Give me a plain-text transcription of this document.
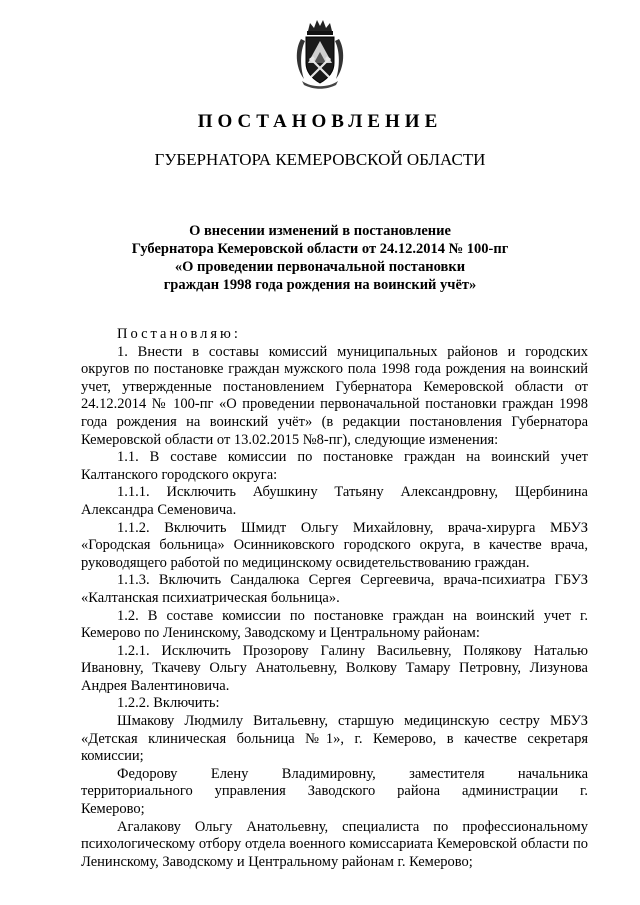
ПОСТАНОВЛЕНИЕ
ГУБЕРНАТОРА КЕМЕРОВСКОЙ ОБЛАСТИ
О внесении изменений в постановление
Губернатора Кемеровской области от 24.12.2014 № 100-пг
«О проведении первоначальной постановки
граждан 1998 года рождения на воинский учёт»

Постановляю:

1. Внести в составы комиссий муниципальных районов и городских округов по постановке граждан мужского пола 1998 года рождения на воинский учет, утвержденные постановлением Губернатора Кемеровской области от 24.12.2014 № 100-пг «О проведении первоначальной постановки граждан 1998 года рождения на воинский учёт» (в редакции постановления Губернатора Кемеровской области от 13.02.2015 №8-пг), следующие изменения:

1.1. В составе комиссии по постановке граждан на воинский учет Калтанского городского округа:

1.1.1. Исключить Абушкину Татьяну Александровну, Щербинина Александра Семеновича.

1.1.2. Включить Шмидт Ольгу Михайловну, врача-хирурга МБУЗ «Городская больница» Осинниковского городского округа, в качестве врача, руководящего работой по медицинскому освидетельствованию граждан.

1.1.3. Включить Сандалюка Сергея Сергеевича, врача-психиатра ГБУЗ «Калтанская психиатрическая больница».

1.2. В составе комиссии по постановке граждан на воинский учет г. Кемерово по Ленинскому, Заводскому и Центральному районам:

1.2.1. Исключить Прозорову Галину Васильевну, Полякову Наталью Ивановну, Ткачеву Ольгу Анатольевну, Волкову Тамару Петровну, Лизунова Андрея Валентиновича.

1.2.2. Включить:

Шмакову Людмилу Витальевну, старшую медицинскую сестру МБУЗ «Детская клиническая больница №1», г. Кемерово, в качестве секретаря комиссии;

Федорову Елену Владимировну, заместителя начальника территориального управления Заводского района администрации г. Кемерово;

Агалакову Ольгу Анатольевну, специалиста по профессиональному психологическому отбору отдела военного комиссариата Кемеровской области по Ленинскому, Заводскому и Центральному районам г. Кемерово;
